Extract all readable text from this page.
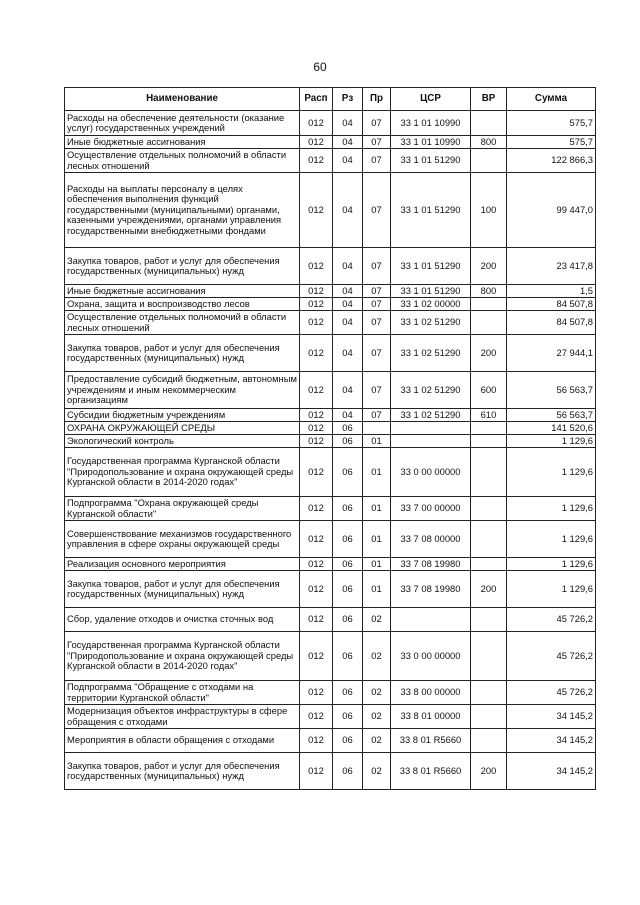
60
Наименование	Расп	Рз	Пр	ЦСР	ВР	Сумма
Расходы на обеспечение деятельности (оказание услуг) государственных учреждений	012	04	07	33 1 01 10990		575,7
Иные бюджетные ассигнования	012	04	07	33 1 01 10990	800	575,7
Осуществление отдельных полномочий в области лесных отношений	012	04	07	33 1 01 51290		122 866,3
Расходы на выплаты персоналу в целях обеспечения выполнения функций государственными (муниципальными) органами, казенными учреждениями, органами управления государственными внебюджетными фондами	012	04	07	33 1 01 51290	100	99 447,0
Закупка товаров, работ и услуг для обеспечения государственных (муниципальных) нужд	012	04	07	33 1 01 51290	200	23 417,8
Иные бюджетные ассигнования	012	04	07	33 1 01 51290	800	1,5
Охрана, защита и воспроизводство лесов	012	04	07	33 1 02 00000		84 507,8
Осуществление отдельных полномочий в области лесных отношений	012	04	07	33 1 02 51290		84 507,8
Закупка товаров, работ и услуг для обеспечения государственных (муниципальных) нужд	012	04	07	33 1 02 51290	200	27 944,1
Предоставление субсидий бюджетным, автономным учреждениям и иным некоммерческим организациям	012	04	07	33 1 02 51290	600	56 563,7
Субсидии бюджетным учреждениям	012	04	07	33 1 02 51290	610	56 563,7
ОХРАНА ОКРУЖАЮЩЕЙ СРЕДЫ	012	06				141 520,6
Экологический контроль	012	06	01			1 129,6
Государственная программа Курганской области "Природопользование и охрана окружающей среды Курганской области в 2014-2020 годах"	012	06	01	33 0 00 00000		1 129,6
Подпрограмма "Охрана окружающей среды Курганской области"	012	06	01	33 7 00 00000		1 129,6
Совершенствование механизмов государственного управления в сфере охраны окружающей среды	012	06	01	33 7 08 00000		1 129,6
Реализация основного мероприятия	012	06	01	33 7 08 19980		1 129,6
Закупка товаров, работ и услуг для обеспечения государственных (муниципальных) нужд	012	06	01	33 7 08 19980	200	1 129,6
Сбор, удаление отходов и очистка сточных вод	012	06	02			45 726,2
Государственная программа Курганской области "Природопользование и охрана окружающей среды Курганской области в 2014-2020 годах"	012	06	02	33 0 00 00000		45 726,2
Подпрограмма "Обращение с отходами на территории Курганской области"	012	06	02	33 8 00 00000		45 726,2
Модернизация объектов инфраструктуры в сфере обращения с отходами	012	06	02	33 8 01 00000		34 145,2
Мероприятия в области обращения с отходами	012	06	02	33 8 01 R5660		34 145,2
Закупка товаров, работ и услуг для обеспечения государственных (муниципальных) нужд	012	06	02	33 8 01 R5660	200	34 145,2
